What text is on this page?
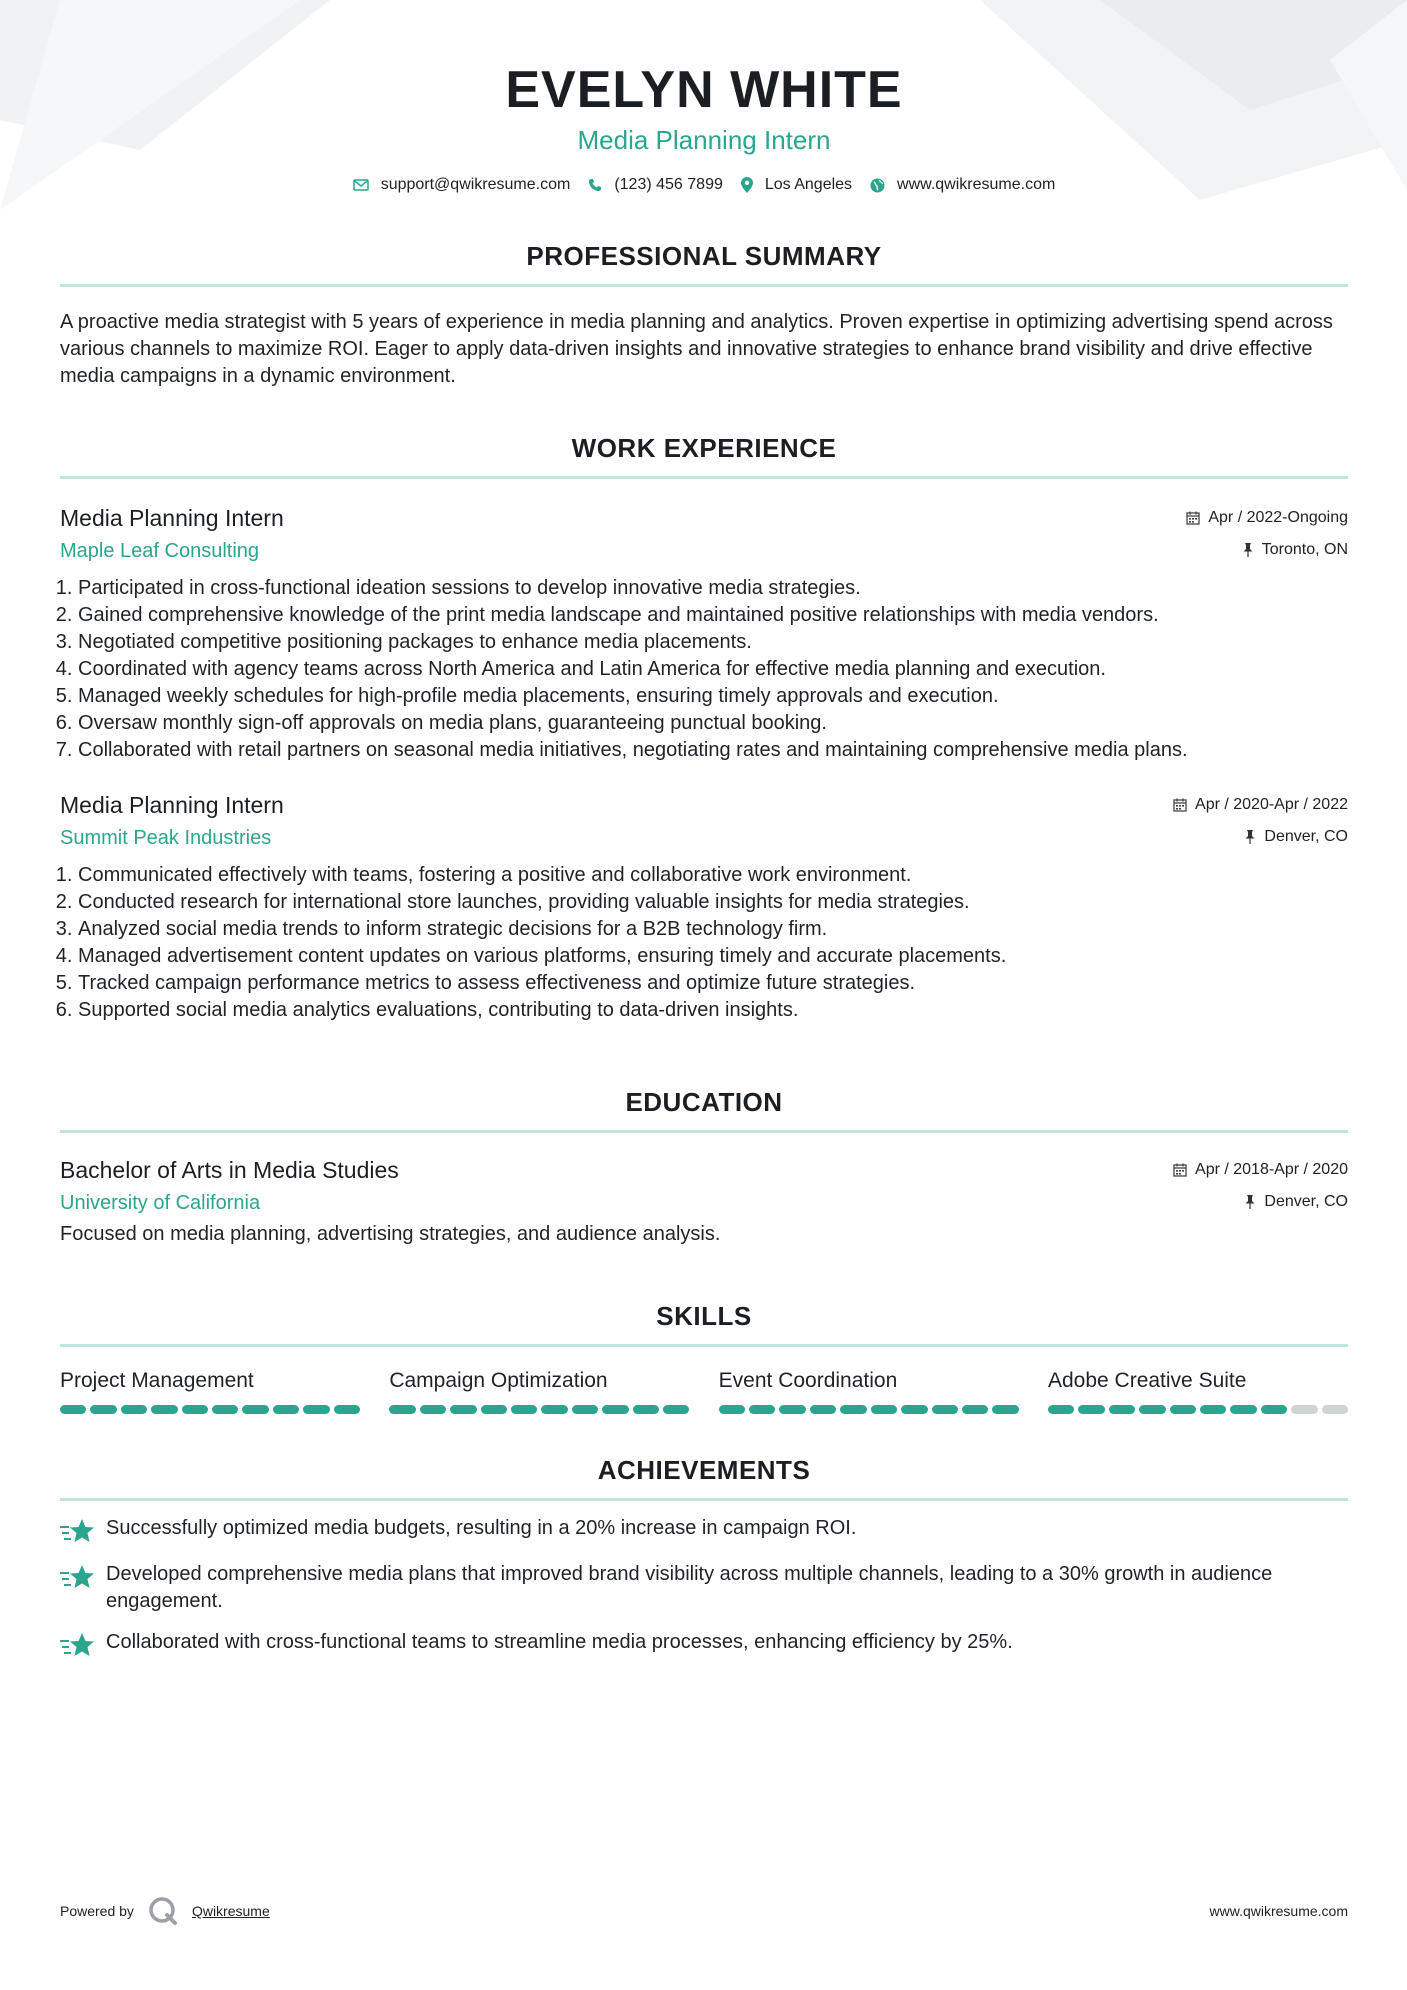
EVELYN WHITE
Media Planning Intern
support@qwikresume.com	(123) 456 7899	Los Angeles	www.qwikresume.com
PROFESSIONAL SUMMARY

A proactive media strategist with 5 years of experience in media planning and analytics. Proven expertise in optimizing advertising spend across various channels to maximize ROI. Eager to apply data-driven insights and innovative strategies to enhance brand visibility and drive effective media campaigns in a dynamic environment.

WORK EXPERIENCE
Media Planning Intern
Maple Leaf Consulting
Apr / 2022-Ongoing
Toronto, ON
1. Participated in cross-functional ideation sessions to develop innovative media strategies.
2. Gained comprehensive knowledge of the print media landscape and maintained positive relationships with media vendors.
3. Negotiated competitive positioning packages to enhance media placements.
4. Coordinated with agency teams across North America and Latin America for effective media planning and execution.
5. Managed weekly schedules for high-profile media placements, ensuring timely approvals and execution.
6. Oversaw monthly sign-off approvals on media plans, guaranteeing punctual booking.
7. Collaborated with retail partners on seasonal media initiatives, negotiating rates and maintaining comprehensive media plans.
Media Planning Intern
Summit Peak Industries
Apr / 2020-Apr / 2022
Denver, CO
1. Communicated effectively with teams, fostering a positive and collaborative work environment.
2. Conducted research for international store launches, providing valuable insights for media strategies.
3. Analyzed social media trends to inform strategic decisions for a B2B technology firm.
4. Managed advertisement content updates on various platforms, ensuring timely and accurate placements.
5. Tracked campaign performance metrics to assess effectiveness and optimize future strategies.
6. Supported social media analytics evaluations, contributing to data-driven insights.
EDUCATION
Bachelor of Arts in Media Studies
University of California
Apr / 2018-Apr / 2020
Denver, CO
Focused on media planning, advertising strategies, and audience analysis.
SKILLS
Project Management	Campaign Optimization	Event Coordination	Adobe Creative Suite
ACHIEVEMENTS
Successfully optimized media budgets, resulting in a 20% increase in campaign ROI.
Developed comprehensive media plans that improved brand visibility across multiple channels, leading to a 30% growth in audience engagement.
Collaborated with cross-functional teams to streamline media processes, enhancing efficiency by 25%.
Powered by	Qwikresume	www.qwikresume.com
